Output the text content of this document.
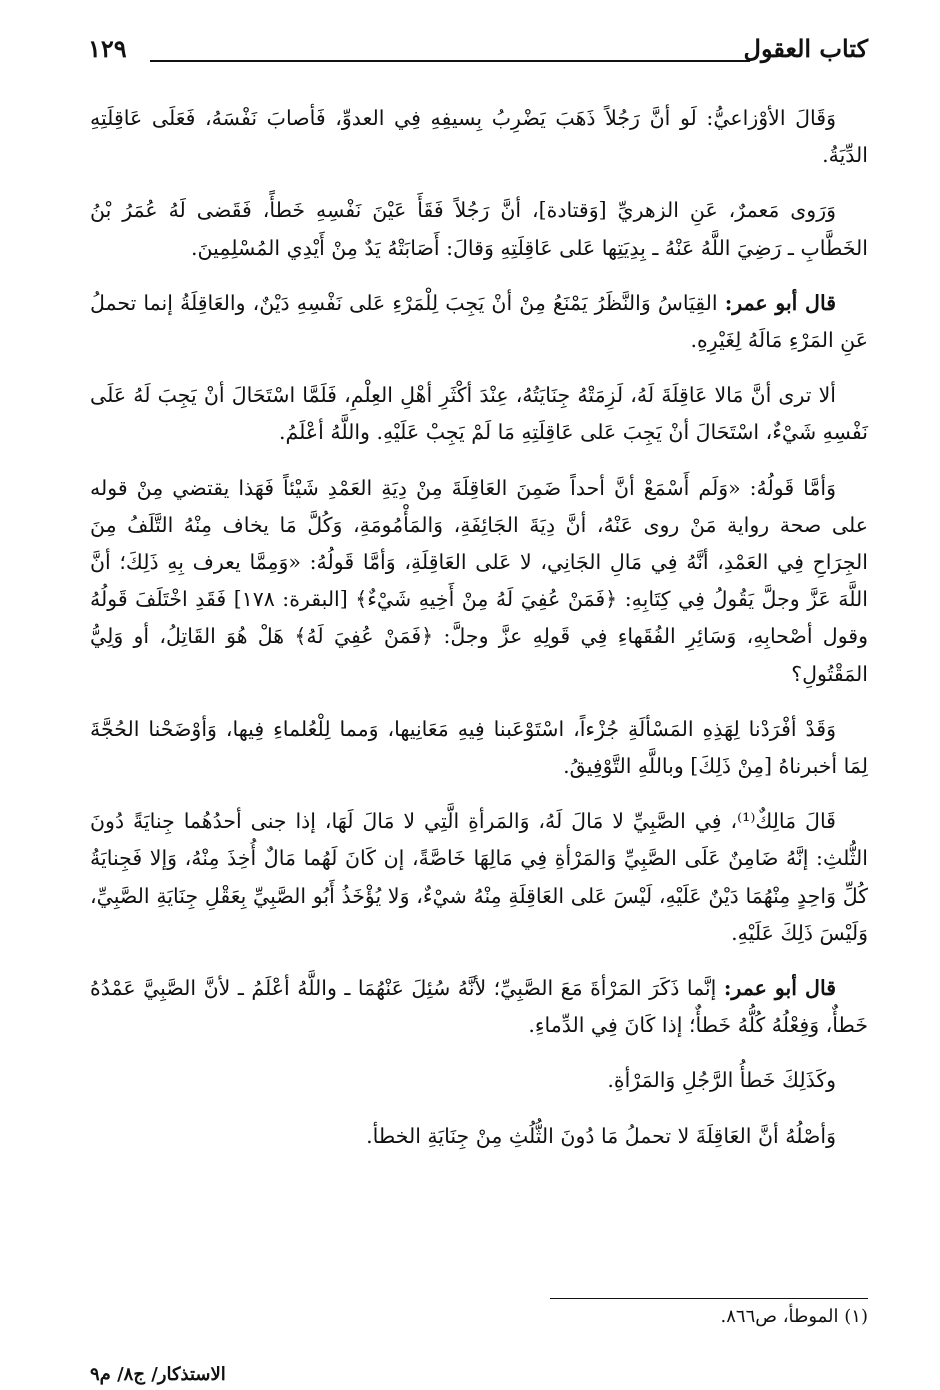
كتاب العقول
١٢٩

وَقَالَ الأوْزاعيُّ: لَو أنَّ رَجُلاً ذَهَبَ يَضْرِبُ بِسيفِهِ فِي العدوِّ، فَأصابَ نَفْسَهُ، فَعَلَى عَاقِلَتِهِ الدِّيَةُ.

وَرَوى مَعمرٌ، عَنِ الزهريِّ [وَقتادة]، أنَّ رَجُلاً فَقَأَ عَيْنَ نَفْسِهِ خَطأً، فَقَضى لَهُ عُمَرُ بْنُ الخَطَّابِ ـ رَضِيَ اللَّهُ عَنْهُ ـ بِدِيَتِها عَلى عَاقِلَتِهِ وَقالَ: أَصَابَتْهُ يَدٌ مِنْ أَيْدِي المُسْلِمِينَ.

قال أبو عمر: القِيَاسُ وَالنَّظَرُ يَمْنَعُ مِنْ أنْ يَجِبَ لِلْمَرْءِ عَلى نَفْسِهِ دَيْنٌ، والعَاقِلَةُ إنما تحملُ عَنِ المَرْءِ مَالَهُ لِغَيْرِهِ.

ألا ترى أنَّ مَالا عَاقِلَةَ لَهُ، لَزِمَتْهُ جِنَايَتُهُ، عِنْدَ أكْثَرِ أهْلِ العِلْمِ، فَلَمَّا اسْتَحَالَ أنْ يَجِبَ لَهُ عَلَى نَفْسِهِ شَيْءٌ، اسْتَحَالَ أنْ يَجِبَ عَلى عَاقِلَتِهِ مَا لَمْ يَجِبْ عَلَيْهِ. واللَّهُ أعْلَمُ.

وَأمَّا قَولُهُ: «وَلَم أَسْمَعْ أنَّ أحداً ضَمِنَ العَاقِلَةَ مِنْ دِيَةِ العَمْدِ شَيْئاً فَهَذا يقتضي مِنْ قوله على صحة رواية مَنْ روى عَنْهُ، أنَّ دِيَةَ الجَائِفَةِ، وَالمَأْمُومَةِ، وَكُلَّ مَا يخاف مِنْهُ التَّلَفُ مِنَ الجِرَاحِ فِي العَمْدِ، أنَّهُ فِي مَالِ الجَانِي، لا عَلى العَاقِلَةِ، وَأمَّا قَولُهُ: «وَمِمَّا يعرف بِهِ ذَلِكَ؛ أنَّ اللَّهَ عَزَّ وجلَّ يَقُولُ فِي كِتَابِهِ: ﴿فَمَنْ عُفِيَ لَهُ مِنْ أَخِيهِ شَيْءٌ﴾ [البقرة: ١٧٨] فَقَدِ اخْتَلَفَ قَولُهُ وقول أصْحابِهِ، وَسَائِرِ الفُقَهاءِ فِي قَولِهِ عزَّ وجلَّ: ﴿فَمَنْ عُفِيَ لَهُ﴾ هَلْ هُوَ القَاتِلُ، أو وَلِيُّ المَقْتُولِ؟

وَقَدْ أفْرَدْنا لِهَذِهِ المَسْألَةِ جُزْءاً، اسْتَوْعَبنا فِيهِ مَعَانِيها، وَمما لِلْعُلماءِ فِيها، وَأوْضَحْنا الحُجَّةَ لِمَا أخبرناهُ [مِنْ ذَلِكَ] وباللَّهِ التَّوْفِيقُ.

قَالَ مَالِكٌ⁽¹⁾، فِي الصَّبِيِّ لا مَالَ لَهُ، وَالمَرأةِ الَّتِي لا مَالَ لَهَا، إذا جنى أحدُهُما جِنايَةً دُونَ الثُّلثِ: إنَّهُ ضَامِنٌ عَلَى الصَّبِيِّ وَالمَرْأةِ فِي مَالِهَا خَاصَّةً، إن كَانَ لَهُما مَالٌ أُخِذَ مِنْهُ، وَإلا فَجِنايَةُ كُلِّ وَاحِدٍ مِنْهُمَا دَيْنٌ عَلَيْهِ، لَيْسَ عَلى العَاقِلَةِ مِنْهُ شيْءٌ، وَلا يُؤْخَذُ أَبُو الصَّبِيِّ بِعَقْلِ جِنَايَةِ الصَّبِيِّ، وَلَيْسَ ذَلِكَ عَلَيْهِ.

قال أبو عمر: إنَّما ذَكَرَ المَرْأةَ مَعَ الصَّبِيِّ؛ لأنَّهُ سُئِلَ عَنْهُمَا ـ واللَّهُ أعْلَمُ ـ لأنَّ الصَّبِيَّ عَمْدُهُ خَطأٌ، وَفِعْلُهُ كُلُّهُ خَطأٌ؛ إذا كَانَ فِي الدِّماءِ.

وكَذَلِكَ خَطأُ الرَّجُلِ وَالمَرْأةِ.

وَأصْلُهُ أنَّ العَاقِلَةَ لا تحملُ مَا دُونَ الثُّلُثِ مِنْ جِنَايَةِ الخطأ.

(١) الموطأ، ص٨٦٦.
الاستذكار/ ج٨/ م٩
